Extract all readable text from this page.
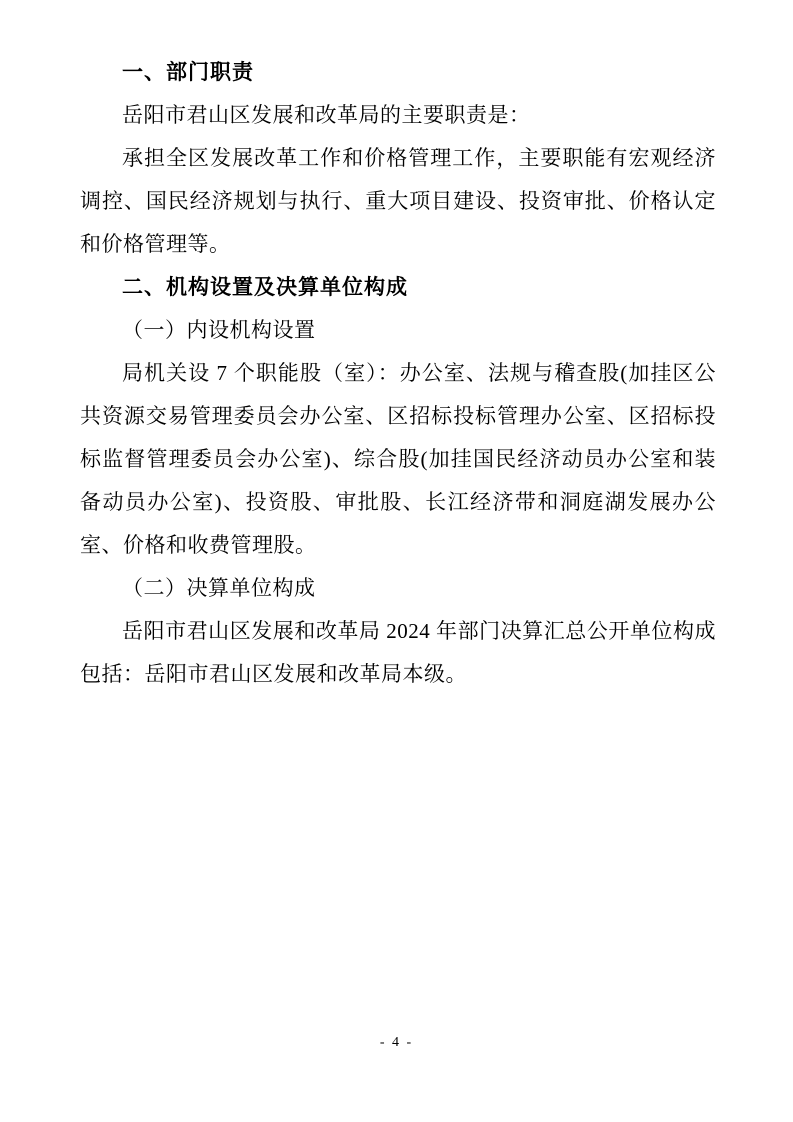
一、部门职责

岳阳市君山区发展和改革局的主要职责是：

承担全区发展改革工作和价格管理工作，主要职能有宏观经济调控、国民经济规划与执行、重大项目建设、投资审批、价格认定和价格管理等。

二、机构设置及决算单位构成

（一）内设机构设置

局机关设 7 个职能股（室）：办公室、法规与稽查股(加挂区公共资源交易管理委员会办公室、区招标投标管理办公室、区招标投标监督管理委员会办公室)、综合股(加挂国民经济动员办公室和装备动员办公室)、投资股、审批股、长江经济带和洞庭湖发展办公室、价格和收费管理股。

（二）决算单位构成

岳阳市君山区发展和改革局 2024 年部门决算汇总公开单位构成包括：岳阳市君山区发展和改革局本级。

- 4 -
